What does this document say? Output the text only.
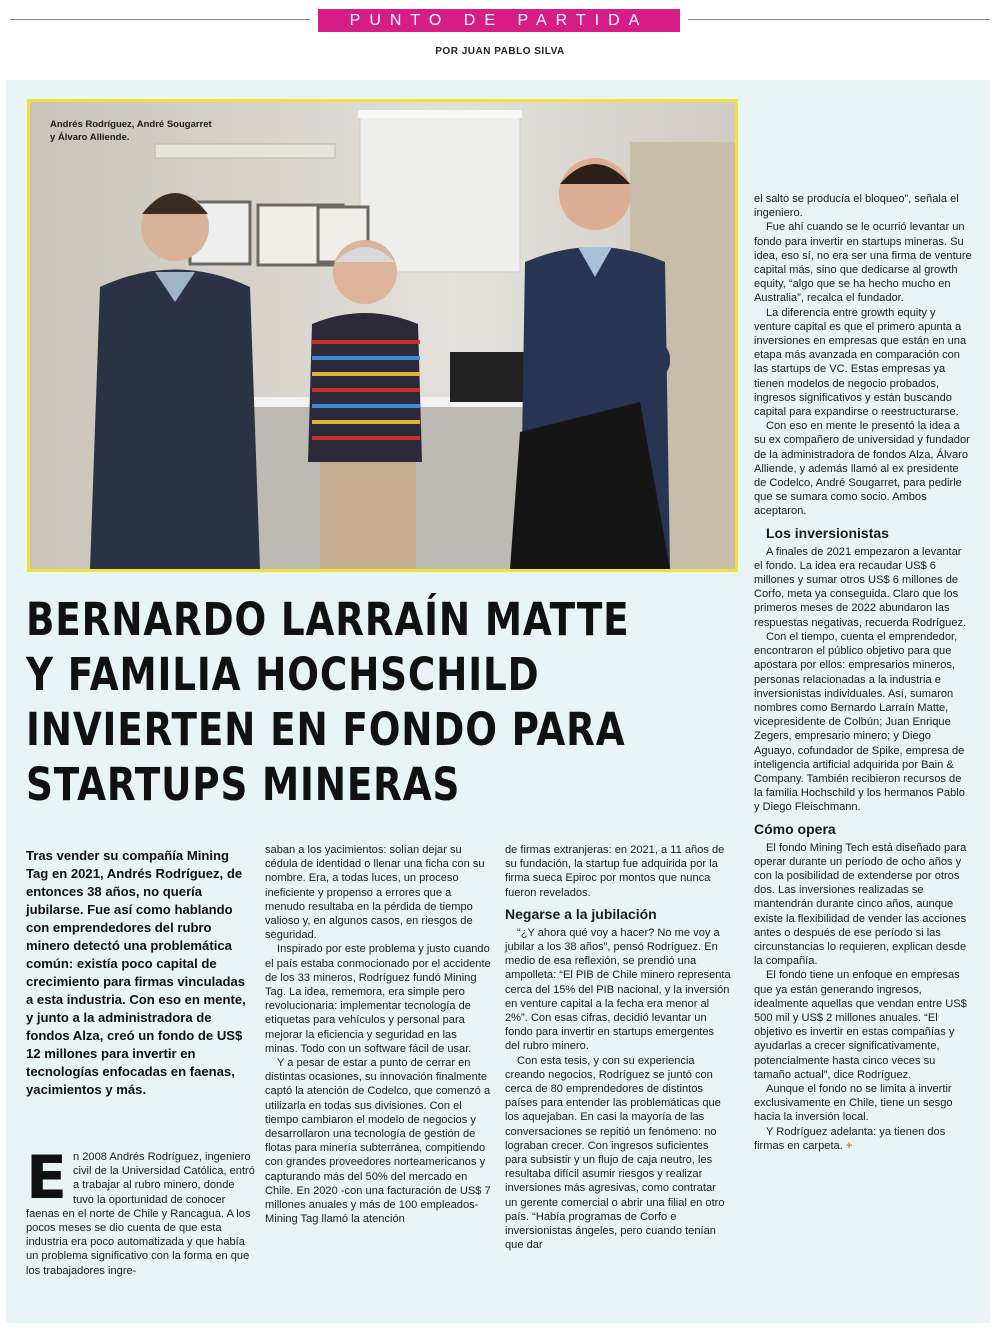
PUNTO DE PARTIDA
POR JUAN PABLO SILVA
Andrés Rodríguez, André Sougarret
y Álvaro Alliende.
BERNARDO LARRAÍN MATTE
Y FAMILIA HOCHSCHILD
INVIERTEN EN FONDO PARA
STARTUPS MINERAS
Tras vender su compañía Mining Tag en 2021, Andrés Rodríguez, de entonces 38 años, no quería jubilarse. Fue así como hablando con emprendedores del rubro minero detectó una problemática común: existía poco capital de crecimiento para firmas vinculadas a esta industria. Con eso en mente, y junto a la administradora de fondos Alza, creó un fondo de US$ 12 millones para invertir en tecnologías enfocadas en faenas, yacimientos y más.
E n 2008 Andrés Rodríguez, ingeniero civil de la Universidad Católica, entró a trabajar al rubro minero, donde tuvo la oportunidad de conocer faenas en el norte de Chile y Rancagua. A los pocos meses se dio cuenta de que esta industria era poco automatizada y que había un problema significativo con la forma en que los trabajadores ingre-

saban a los yacimientos: solían dejar su cédula de identidad o llenar una ficha con su nombre. Era, a todas luces, un proceso ineficiente y propenso a errores que a menudo resultaba en la pérdida de tiempo valioso y, en algunos casos, en riesgos de seguridad.

Inspirado por este problema y justo cuando el país estaba conmocionado por el accidente de los 33 mineros, Rodríguez fundó Mining Tag. La idea, rememora, era simple pero revolucionaria: implementar tecnología de etiquetas para vehículos y personal para mejorar la eficiencia y seguridad en las minas. Todo con un software fácil de usar.

Y a pesar de estar a punto de cerrar en distintas ocasiones, su innovación finalmente captó la atención de Codelco, que comenzó a utilizarla en todas sus divisiones. Con el tiempo cambiaron el modelo de negocios y desarrollaron una tecnología de gestión de flotas para minería subterránea, compitiendo con grandes proveedores norteamericanos y capturando más del 50% del mercado en Chile. En 2020 -con una facturación de US$ 7 millones anuales y más de 100 empleados- Mining Tag llamó la atención

de firmas extranjeras: en 2021, a 11 años de su fundación, la startup fue adquirida por la firma sueca Epiroc por montos que nunca fueron revelados.

Negarse a la jubilación

“¿Y ahora qué voy a hacer? No me voy a jubilar a los 38 años”, pensó Rodríguez. En medio de esa reflexión, se prendió una ampolleta: “El PIB de Chile minero representa cerca del 15% del PIB nacional, y la inversión en venture capital a la fecha era menor al 2%”. Con esas cifras, decidió levantar un fondo para invertir en startups emergentes del rubro minero.

Con esta tesis, y con su experiencia creando negocios, Rodríguez se juntó con cerca de 80 emprendedores de distintos países para entender las problemáticas que los aquejaban. En casi la mayoría de las conversaciones se repitió un fenómeno: no lograban crecer. Con ingresos suficientes para subsistir y un flujo de caja neutro, les resultaba difícil asumir riesgos y realizar inversiones más agresivas, como contratar un gerente comercial o abrir una filial en otro país. “Había programas de Corfo e inversionistas ángeles, pero cuando tenían que dar

el salto se producía el bloqueo”, señala el ingeniero.

Fue ahí cuando se le ocurrió levantar un fondo para invertir en startups mineras. Su idea, eso sí, no era ser una firma de venture capital más, sino que dedicarse al growth equity, “algo que se ha hecho mucho en Australia”, recalca el fundador.

La diferencia entre growth equity y venture capital es que el primero apunta a inversiones en empresas que están en una etapa más avanzada en comparación con las startups de VC. Estas empresas ya tienen modelos de negocio probados, ingresos significativos y están buscando capital para expandirse o reestructurarse.

Con eso en mente le presentó la idea a su ex compañero de universidad y fundador de la administradora de fondos Alza, Álvaro Alliende, y además llamó al ex presidente de Codelco, André Sougarret, para pedirle que se sumara como socio. Ambos aceptaron.

Los inversionistas

A finales de 2021 empezaron a levantar el fondo. La idea era recaudar US$ 6 millones y sumar otros US$ 6 millones de Corfo, meta ya conseguida. Claro que los primeros meses de 2022 abundaron las respuestas negativas, recuerda Rodríguez.

Con el tiempo, cuenta el emprendedor, encontraron el público objetivo para que apostara por ellos: empresarios mineros, personas relacionadas a la industria e inversionistas individuales. Así, sumaron nombres como Bernardo Larraín Matte, vicepresidente de Colbún; Juan Enrique Zegers, empresario minero; y Diego Aguayo, cofundador de Spike, empresa de inteligencia artificial adquirida por Bain & Company. También recibieron recursos de la familia Hochschild y los hermanos Pablo y Diego Fleischmann.

Cómo opera

El fondo Mining Tech está diseñado para operar durante un período de ocho años y con la posibilidad de extenderse por otros dos. Las inversiones realizadas se mantendrán durante cinco años, aunque existe la flexibilidad de vender las acciones antes o después de ese período si las circunstancias lo requieren, explican desde la compañía.

El fondo tiene un enfoque en empresas que ya están generando ingresos, idealmente aquellas que vendan entre US$ 500 mil y US$ 2 millones anuales. “El objetivo es invertir en estas compañías y ayudarlas a crecer significativamente, potencialmente hasta cinco veces su tamaño actual”, dice Rodríguez.

Aunque el fondo no se limita a invertir exclusivamente en Chile, tiene un sesgo hacia la inversión local.

Y Rodríguez adelanta: ya tienen dos firmas en carpeta. +
